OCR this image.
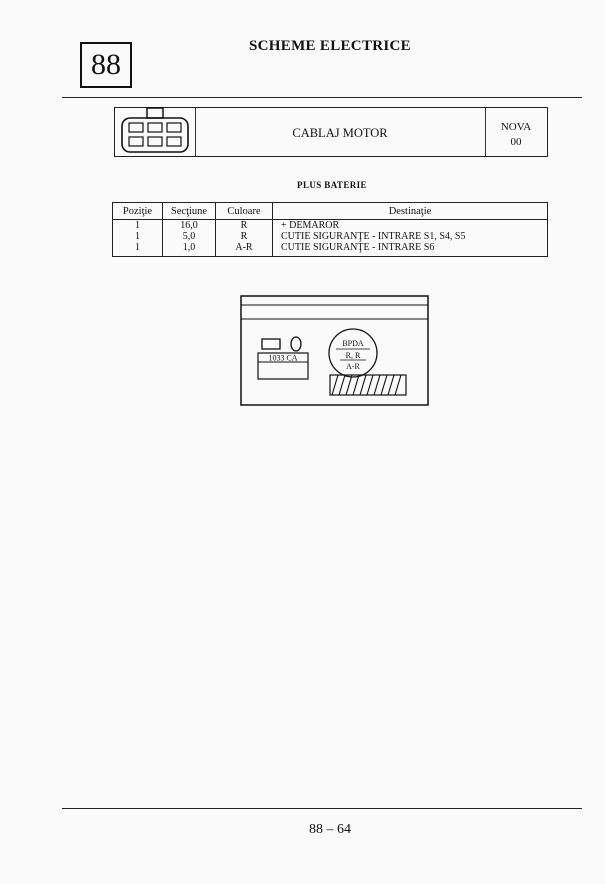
88
SCHEME ELECTRICE
CABLAJ MOTOR	NOVA
00
PLUS BATERIE
Poziţie	Secţiune	Culoare	Destinaţie
1	16,0	R	+ DEMAROR
1	5,0	R	CUTIE SIGURANŢE - INTRARE S1, S4, S5
1	1,0	A-R	CUTIE SIGURANŢE - INTRARE S6
1033 CA
BPDA
R, R
A-R
88 – 64
